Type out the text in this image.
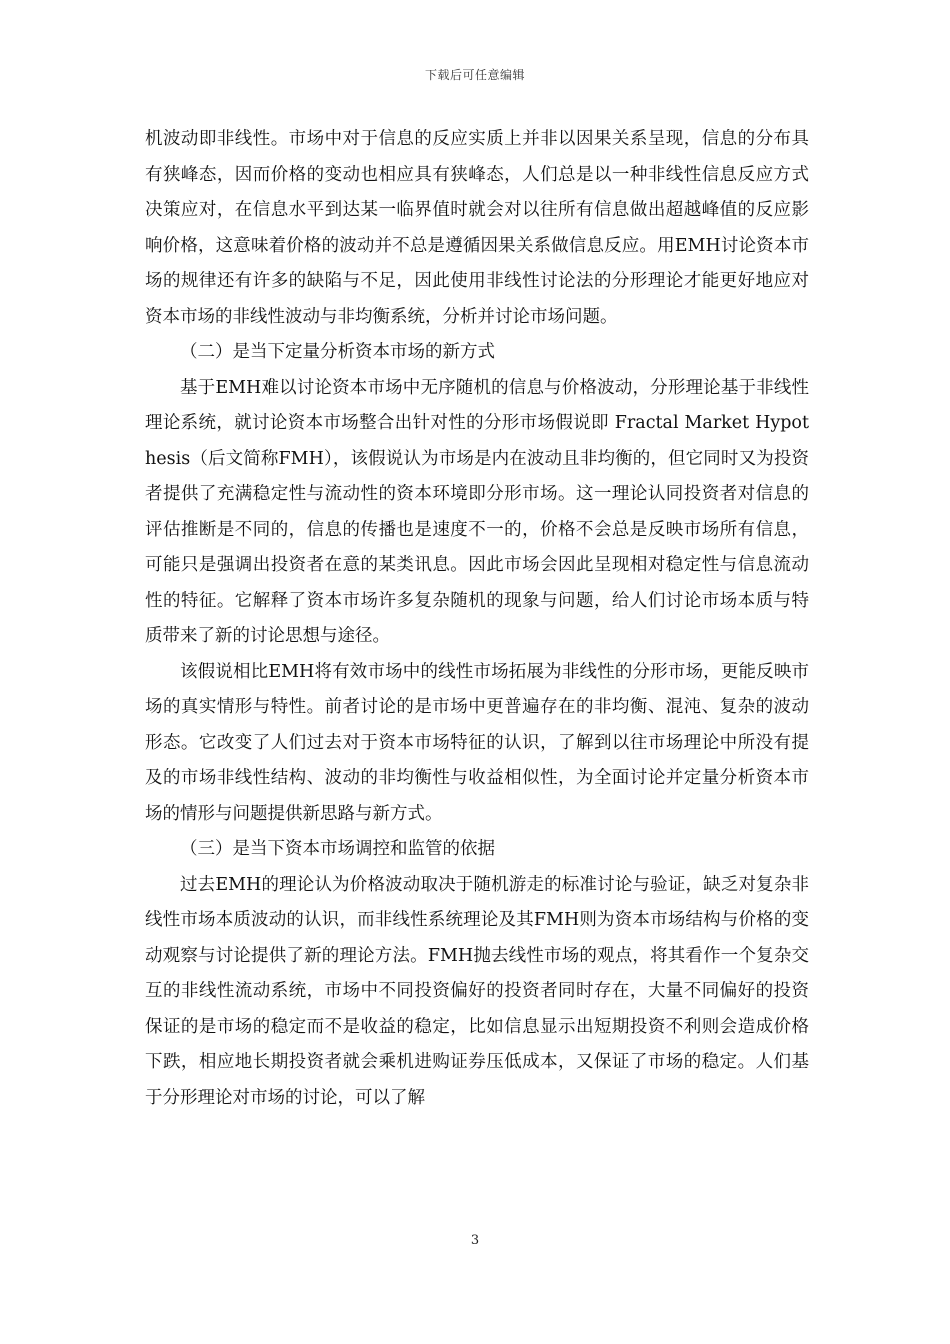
下载后可任意编辑

机波动即非线性。市场中对于信息的反应实质上并非以因果关系呈现，信息的分布具有狭峰态，因而价格的变动也相应具有狭峰态，人们总是以一种非线性信息反应方式决策应对，在信息水平到达某一临界值时就会对以往所有信息做出超越峰值的反应影响价格，这意味着价格的波动并不总是遵循因果关系做信息反应。用EMH讨论资本市场的规律还有许多的缺陷与不足，因此使用非线性讨论法的分形理论才能更好地应对资本市场的非线性波动与非均衡系统，分析并讨论市场问题。

（二）是当下定量分析资本市场的新方式

基于EMH难以讨论资本市场中无序随机的信息与价格波动，分形理论基于非线性理论系统，就讨论资本市场整合出针对性的分形市场假说即 Fractal Market Hypothesis（后文简称FMH），该假说认为市场是内在波动且非均衡的，但它同时又为投资者提供了充满稳定性与流动性的资本环境即分形市场。这一理论认同投资者对信息的评估推断是不同的，信息的传播也是速度不一的，价格不会总是反映市场所有信息，可能只是强调出投资者在意的某类讯息。因此市场会因此呈现相对稳定性与信息流动性的特征。它解释了资本市场许多复杂随机的现象与问题，给人们讨论市场本质与特质带来了新的讨论思想与途径。

该假说相比EMH将有效市场中的线性市场拓展为非线性的分形市场，更能反映市场的真实情形与特性。前者讨论的是市场中更普遍存在的非均衡、混沌、复杂的波动形态。它改变了人们过去对于资本市场特征的认识，了解到以往市场理论中所没有提及的市场非线性结构、波动的非均衡性与收益相似性，为全面讨论并定量分析资本市场的情形与问题提供新思路与新方式。

（三）是当下资本市场调控和监管的依据

过去EMH的理论认为价格波动取决于随机游走的标准讨论与验证，缺乏对复杂非线性市场本质波动的认识，而非线性系统理论及其FMH则为资本市场结构与价格的变动观察与讨论提供了新的理论方法。FMH抛去线性市场的观点，将其看作一个复杂交互的非线性流动系统，市场中不同投资偏好的投资者同时存在，大量不同偏好的投资保证的是市场的稳定而不是收益的稳定，比如信息显示出短期投资不利则会造成价格下跌，相应地长期投资者就会乘机进购证券压低成本，又保证了市场的稳定。人们基于分形理论对市场的讨论，可以了解

3
